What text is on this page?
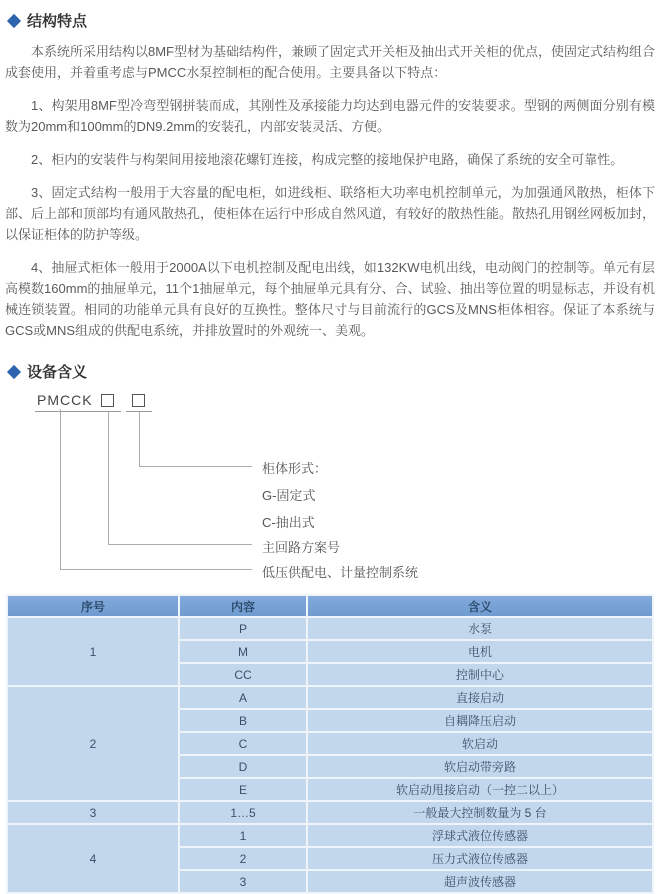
结构特点

本系统所采用结构以8MF型材为基础结构件，兼顾了固定式开关柜及抽出式开关柜的优点，使固定式结构组合成套使用，并着重考虑与PMCC水泵控制柜的配合使用。主要具备以下特点：

1、构架用8MF型冷弯型钢拼装而成，其刚性及承接能力均达到电器元件的安装要求。型钢的两侧面分别有模数为20mm和100mm的DN9.2mm的安装孔，内部安装灵活、方便。

2、柜内的安装件与构架间用接地滚花螺钉连接，构成完整的接地保护电路，确保了系统的安全可靠性。

3、固定式结构一般用于大容量的配电柜，如进线柜、联络柜大功率电机控制单元，为加强通风散热，柜体下部、后上部和顶部均有通风散热孔，使柜体在运行中形成自然风道，有较好的散热性能。散热孔用钢丝网板加封，以保证柜体的防护等级。

4、抽屉式柜体一般用于2000A以下电机控制及配电出线，如132KW电机出线，电动阀门的控制等。单元有层高模数160mm的抽屉单元，11个1抽屉单元，每个抽屉单元具有分、合、试验、抽出等位置的明显标志，并设有机械连锁装置。相同的功能单元具有良好的互换性。整体尺寸与目前流行的GCS及MNS柜体相容。保证了本系统与GCS或MNS组成的供配电系统，并排放置时的外观统一、美观。

设备含义
PMCCK
柜体形式：
G-固定式
C-抽出式
主回路方案号
低压供配电、计量控制系统
序号	内容	含义
1	P	水泵
	M	电机
	CC	控制中心
2	A	直接启动
	B	自耦降压启动
	C	软启动
	D	软启动带旁路
	E	软启动甩接启动（一控二以上）
3	1…5	一般最大控制数量为 5 台
4	1	浮球式液位传感器
	2	压力式液位传感器
	3	超声波传感器
